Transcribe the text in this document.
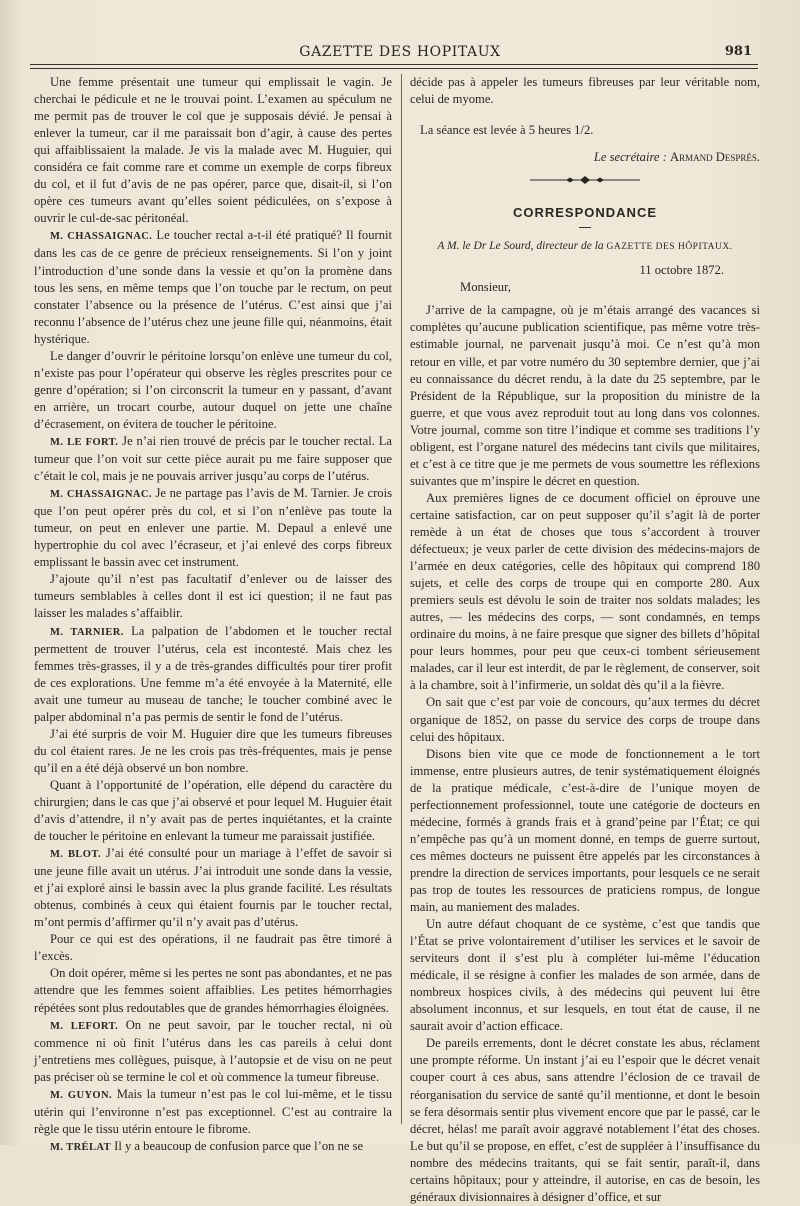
GAZETTE DES HOPITAUX	981

Une femme présentait une tumeur qui emplissait le vagin. Je cherchai le pédicule et ne le trouvai point. L’examen au spéculum ne me permit pas de trouver le col que je supposais dévié. Je pensai à enlever la tumeur, car il me paraissait bon d’agir, à cause des pertes qui affaiblissaient la malade. Je vis la malade avec M. Huguier, qui considéra ce fait comme rare et comme un exemple de corps fibreux du col, et il fut d’avis de ne pas opérer, parce que, disait-il, si l’on opère ces tumeurs avant qu’elles soient pédiculées, on s’expose à ouvrir le cul-de-sac péritonéal.

M. CHASSAIGNAC. Le toucher rectal a-t-il été pratiqué? Il fournit dans les cas de ce genre de précieux renseignements. Si l’on y joint l’introduction d’une sonde dans la vessie et qu’on la promène dans tous les sens, en même temps que l’on touche par le rectum, on peut constater l’absence ou la présence de l’utérus. C’est ainsi que j’ai reconnu l’absence de l’utérus chez une jeune fille qui, néanmoins, était hystérique.

Le danger d’ouvrir le péritoine lorsqu’on enlève une tumeur du col, n’existe pas pour l’opérateur qui observe les règles prescrites pour ce genre d’opération; si l’on circonscrit la tumeur en y passant, d’avant en arrière, un trocart courbe, autour duquel on jette une chaîne d’écrasement, on évitera de toucher le péritoine.

M. LE FORT. Je n’ai rien trouvé de précis par le toucher rectal. La tumeur que l’on voit sur cette pièce aurait pu me faire supposer que c’était le col, mais je ne pouvais arriver jusqu’au corps de l’utérus.

M. CHASSAIGNAC. Je ne partage pas l’avis de M. Tarnier. Je crois que l’on peut opérer près du col, et si l’on n’enlève pas toute la tumeur, on peut en enlever une partie. M. Depaul a enlevé une hypertrophie du col avec l’écraseur, et j’ai enlevé des corps fibreux emplissant le bassin avec cet instrument.

J’ajoute qu’il n’est pas facultatif d’enlever ou de laisser des tumeurs semblables à celles dont il est ici question; il ne faut pas laisser les malades s’affaiblir.

M. TARNIER. La palpation de l’abdomen et le toucher rectal permettent de trouver l’utérus, cela est incontesté. Mais chez les femmes très-grasses, il y a de très-grandes difficultés pour tirer profit de ces explorations. Une femme m’a été envoyée à la Maternité, elle avait une tumeur au museau de tanche; le toucher combiné avec le palper abdominal n’a pas permis de sentir le fond de l’utérus.

J’ai été surpris de voir M. Huguier dire que les tumeurs fibreuses du col étaient rares. Je ne les crois pas très-fréquentes, mais je pense qu’il en a été déjà observé un bon nombre.

Quant à l’opportunité de l’opération, elle dépend du caractère du chirurgien; dans le cas que j’ai observé et pour lequel M. Huguier était d’avis d’attendre, il n’y avait pas de pertes inquiétantes, et la crainte de toucher le péritoine en enlevant la tumeur me paraissait justifiée.

M. BLOT. J’ai été consulté pour un mariage à l’effet de savoir si une jeune fille avait un utérus. J’ai introduit une sonde dans la vessie, et j’ai exploré ainsi le bassin avec la plus grande facilité. Les résultats obtenus, combinés à ceux qui étaient fournis par le toucher rectal, m’ont permis d’affirmer qu’il n’y avait pas d’utérus.

Pour ce qui est des opérations, il ne faudrait pas être timoré à l’excès.

On doit opérer, même si les pertes ne sont pas abondantes, et ne pas attendre que les femmes soient affaiblies. Les petites hémorrhagies répétées sont plus redoutables que de grandes hémorrhagies éloignées.

M. LEFORT. On ne peut savoir, par le toucher rectal, ni où commence ni où finit l’utérus dans les cas pareils à celui dont j’entretiens mes collègues, puisque, à l’autopsie et de visu on ne peut pas préciser où se termine le col et où commence la tumeur fibreuse.

M. GUYON. Mais la tumeur n’est pas le col lui-même, et le tissu utérin qui l’environne n’est pas exceptionnel. C’est au contraire la règle que le tissu utérin entoure le fibrome.

M. TRÉLAT Il y a beaucoup de confusion parce que l’on ne se

décide pas à appeler les tumeurs fibreuses par leur véritable nom, celui de myome.

La séance est levée à 5 heures 1/2.

Le secrétaire : Armand Després.

CORRESPONDANCE

A M. le Dr Le Sourd, directeur de la GAZETTE DES HÔPITAUX.

11 octobre 1872.

Monsieur,

J’arrive de la campagne, où je m’étais arrangé des vacances si complètes qu’aucune publication scientifique, pas même votre très-estimable journal, ne parvenait jusqu’à moi. Ce n’est qu’à mon retour en ville, et par votre numéro du 30 septembre dernier, que j’ai eu connaissance du décret rendu, à la date du 25 septembre, par le Président de la République, sur la proposition du ministre de la guerre, et que vous avez reproduit tout au long dans vos colonnes. Votre journal, comme son titre l’indique et comme ses traditions l’y obligent, est l’organe naturel des médecins tant civils que militaires, et c’est à ce titre que je me permets de vous soumettre les réflexions suivantes que m’inspire le décret en question.

Aux premières lignes de ce document officiel on éprouve une certaine satisfaction, car on peut supposer qu’il s’agit là de porter remède à un état de choses que tous s’accordent à trouver défectueux; je veux parler de cette division des médecins-majors de l’armée en deux catégories, celle des hôpitaux qui comprend 180 sujets, et celle des corps de troupe qui en comporte 280. Aux premiers seuls est dévolu le soin de traiter nos soldats malades; les autres, — les médecins des corps, — sont condamnés, en temps ordinaire du moins, à ne faire presque que signer des billets d’hôpital pour leurs hommes, pour peu que ceux-ci tombent sérieusement malades, car il leur est interdit, de par le règlement, de conserver, soit à la chambre, soit à l’infirmerie, un soldat dès qu’il a la fièvre.

On sait que c’est par voie de concours, qu’aux termes du décret organique de 1852, on passe du service des corps de troupe dans celui des hôpitaux.

Disons bien vite que ce mode de fonctionnement a le tort immense, entre plusieurs autres, de tenir systématiquement éloignés de la pratique médicale, c’est-à-dire de l’unique moyen de perfectionnement professionnel, toute une catégorie de docteurs en médecine, formés à grands frais et à grand’peine par l’État; ce qui n’empêche pas qu’à un moment donné, en temps de guerre surtout, ces mêmes docteurs ne puissent être appelés par les circonstances à prendre la direction de services importants, pour lesquels ce ne serait pas trop de toutes les ressources de praticiens rompus, de longue main, au maniement des malades.

Un autre défaut choquant de ce système, c’est que tandis que l’État se prive volontairement d’utiliser les services et le savoir de serviteurs dont il s’est plu à compléter lui-même l’éducation médicale, il se résigne à confier les malades de son armée, dans de nombreux hospices civils, à des médecins qui peuvent lui être absolument inconnus, et sur lesquels, en tout état de cause, il ne saurait avoir d’action efficace.

De pareils errements, dont le décret constate les abus, réclament une prompte réforme. Un instant j’ai eu l’espoir que le décret venait couper court à ces abus, sans attendre l’éclosion de ce travail de réorganisation du service de santé qu’il mentionne, et dont le besoin se fera désormais sentir plus vivement encore que par le passé, car le décret, hélas! me paraît avoir aggravé notablement l’état des choses. Le but qu’il se propose, en effet, c’est de suppléer à l’insuffisance du nombre des médecins traitants, qui se fait sentir, paraît-il, dans certains hôpitaux; pour y atteindre, il autorise, en cas de besoin, les généraux divisionnaires à désigner d’office, et sur
